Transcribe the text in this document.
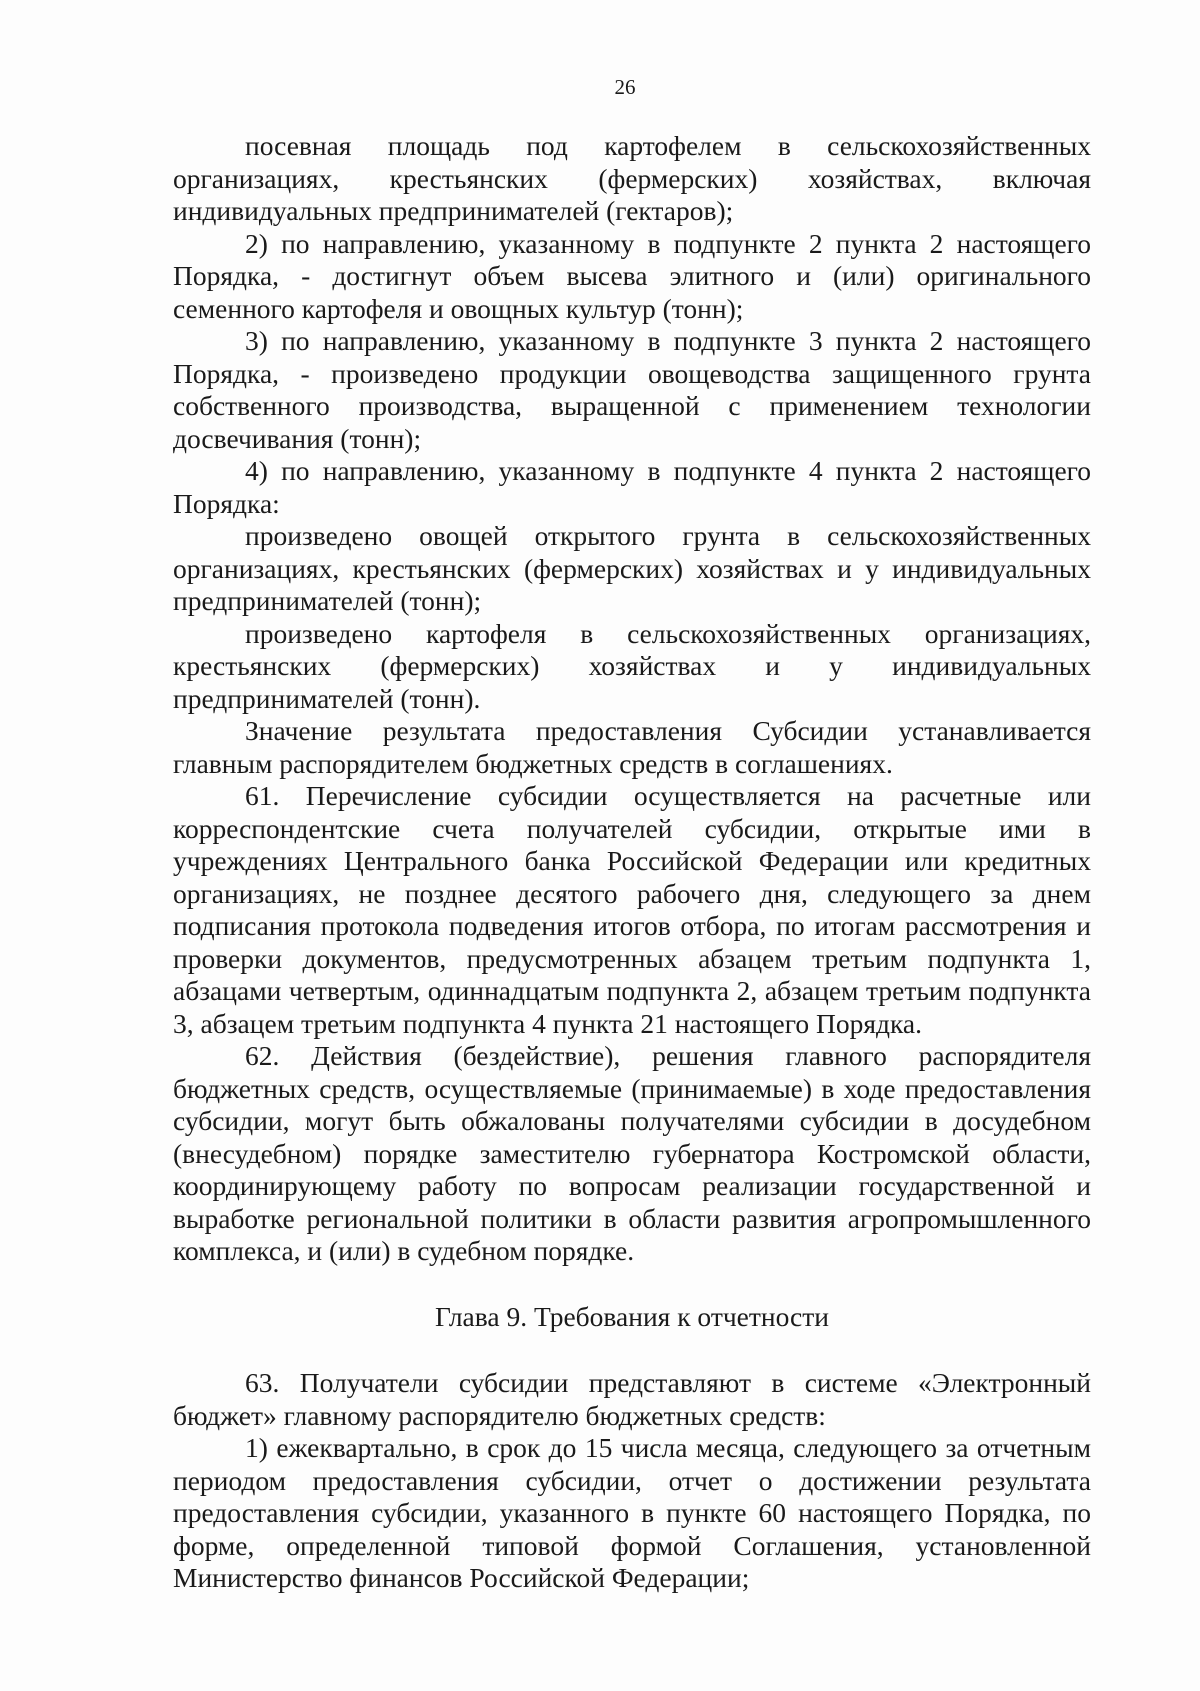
26

посевная площадь под картофелем в сельскохозяйственных организациях, крестьянских (фермерских) хозяйствах, включая индивидуальных предпринимателей (гектаров);

2) по направлению, указанному в подпункте 2 пункта 2 настоящего Порядка, - достигнут объем высева элитного и (или) оригинального семенного картофеля и овощных культур (тонн);

3) по направлению, указанному в подпункте 3 пункта 2 настоящего Порядка, - произведено продукции овощеводства защищенного грунта собственного производства, выращенной с применением технологии досвечивания (тонн);

4) по направлению, указанному в подпункте 4 пункта 2 настоящего Порядка:

произведено овощей открытого грунта в сельскохозяйственных организациях, крестьянских (фермерских) хозяйствах и у индивидуальных предпринимателей (тонн);

произведено картофеля в сельскохозяйственных организациях, крестьянских (фермерских) хозяйствах и у индивидуальных предпринимателей (тонн).

Значение результата предоставления Субсидии устанавливается главным распорядителем бюджетных средств в соглашениях.

61. Перечисление субсидии осуществляется на расчетные или корреспондентские счета получателей субсидии, открытые ими в учреждениях Центрального банка Российской Федерации или кредитных организациях, не позднее десятого рабочего дня, следующего за днем подписания протокола подведения итогов отбора, по итогам рассмотрения и проверки документов, предусмотренных абзацем третьим подпункта 1, абзацами четвертым, одиннадцатым подпункта 2, абзацем третьим подпункта 3, абзацем третьим подпункта 4 пункта 21 настоящего Порядка.

62. Действия (бездействие), решения главного распорядителя бюджетных средств, осуществляемые (принимаемые) в ходе предоставления субсидии, могут быть обжалованы получателями субсидии в досудебном (внесудебном) порядке заместителю губернатора Костромской области, координирующему работу по вопросам реализации государственной и выработке региональной политики в области развития агропромышленного комплекса, и (или) в судебном порядке.

Глава 9. Требования к отчетности

63. Получатели субсидии представляют в системе «Электронный бюджет» главному распорядителю бюджетных средств:

1) ежеквартально, в срок до 15 числа месяца, следующего за отчетным периодом предоставления субсидии, отчет о достижении результата предоставления субсидии, указанного в пункте 60 настоящего Порядка, по форме, определенной типовой формой Соглашения, установленной Министерство финансов Российской Федерации;
